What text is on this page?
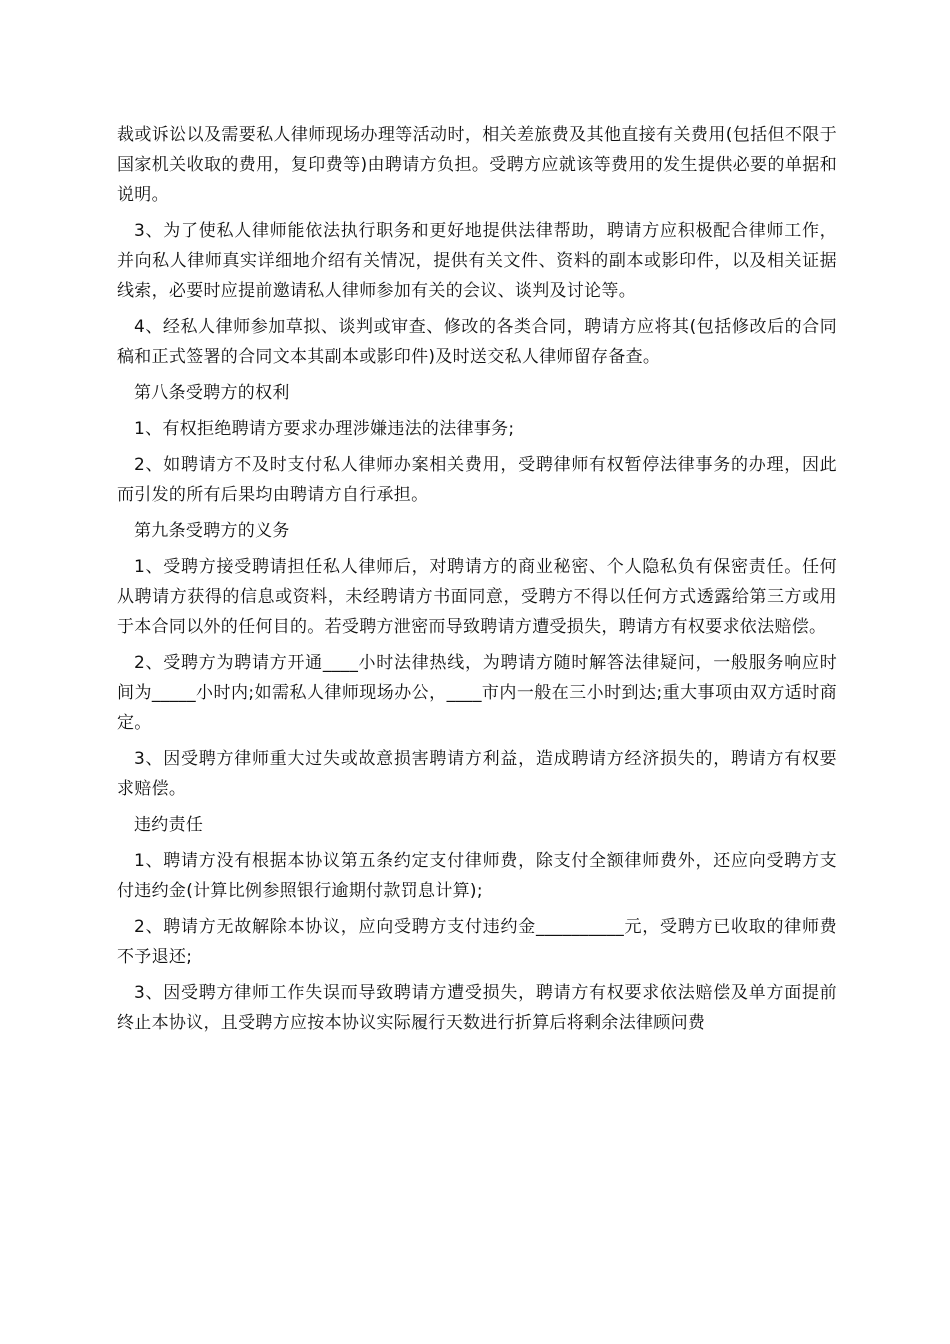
裁或诉讼以及需要私人律师现场办理等活动时，相关差旅费及其他直接有关费用(包括但不限于国家机关收取的费用，复印费等)由聘请方负担。受聘方应就该等费用的发生提供必要的单据和说明。

3、为了使私人律师能依法执行职务和更好地提供法律帮助，聘请方应积极配合律师工作，并向私人律师真实详细地介绍有关情况，提供有关文件、资料的副本或影印件，以及相关证据线索，必要时应提前邀请私人律师参加有关的会议、谈判及讨论等。

4、经私人律师参加草拟、谈判或审查、修改的各类合同，聘请方应将其(包括修改后的合同稿和正式签署的合同文本其副本或影印件)及时送交私人律师留存备查。

第八条受聘方的权利

1、有权拒绝聘请方要求办理涉嫌违法的法律事务;

2、如聘请方不及时支付私人律师办案相关费用，受聘律师有权暂停法律事务的办理，因此而引发的所有后果均由聘请方自行承担。

第九条受聘方的义务

1、受聘方接受聘请担任私人律师后，对聘请方的商业秘密、个人隐私负有保密责任。任何从聘请方获得的信息或资料，未经聘请方书面同意，受聘方不得以任何方式透露给第三方或用于本合同以外的任何目的。若受聘方泄密而导致聘请方遭受损失，聘请方有权要求依法赔偿。

2、受聘方为聘请方开通____小时法律热线，为聘请方随时解答法律疑问，一般服务响应时间为_____小时内;如需私人律师现场办公，____市内一般在三小时到达;重大事项由双方适时商定。

3、因受聘方律师重大过失或故意损害聘请方利益，造成聘请方经济损失的，聘请方有权要求赔偿。

违约责任

1、聘请方没有根据本协议第五条约定支付律师费，除支付全额律师费外，还应向受聘方支付违约金(计算比例参照银行逾期付款罚息计算);

2、聘请方无故解除本协议，应向受聘方支付违约金__________元，受聘方已收取的律师费不予退还;

3、因受聘方律师工作失误而导致聘请方遭受损失，聘请方有权要求依法赔偿及单方面提前终止本协议，且受聘方应按本协议实际履行天数进行折算后将剩余法律顾问费
